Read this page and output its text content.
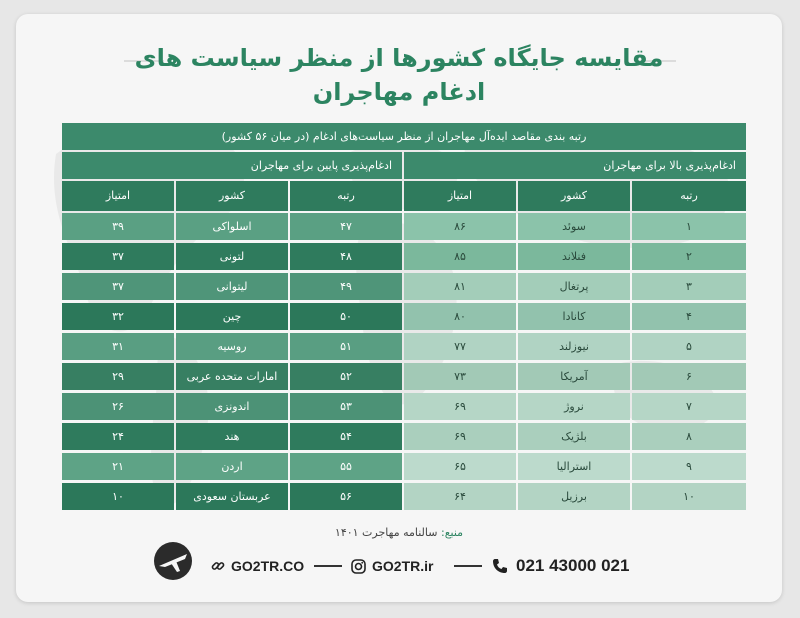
مقایسه جایگاه کشورها از منظر سیاست های
ادغام مهاجران
رتبه بندی مقاصد ایده‌آل مهاجران از منظر سیاست‌های ادغام (در میان ۵۶ کشور)
ادغام‌پذیری بالا برای مهاجران
ادغام‌پذیری پایین برای مهاجران
رتبه
کشور
امتیاز
رتبه
کشور
امتیاز
۱
سوئد
۸۶
۲
فنلاند
۸۵
۳
پرتغال
۸۱
۴
کانادا
۸۰
۵
نیوزلند
۷۷
۶
آمریکا
۷۳
۷
نروژ
۶۹
۸
بلژیک
۶۹
۹
استرالیا
۶۵
۱۰
برزیل
۶۴
۴۷
اسلواکی
۳۹
۴۸
لتونی
۳۷
۴۹
لیتوانی
۳۷
۵۰
چین
۳۲
۵۱
روسیه
۳۱
۵۲
امارات متحده عربی
۲۹
۵۳
اندونزی
۲۶
۵۴
هند
۲۴
۵۵
اردن
۲۱
۵۶
عربستان سعودی
۱۰
منبع: سالنامه مهاجرت ۱۴۰۱
GO2TR.CO	GO2TR.ir	021 43000 021
